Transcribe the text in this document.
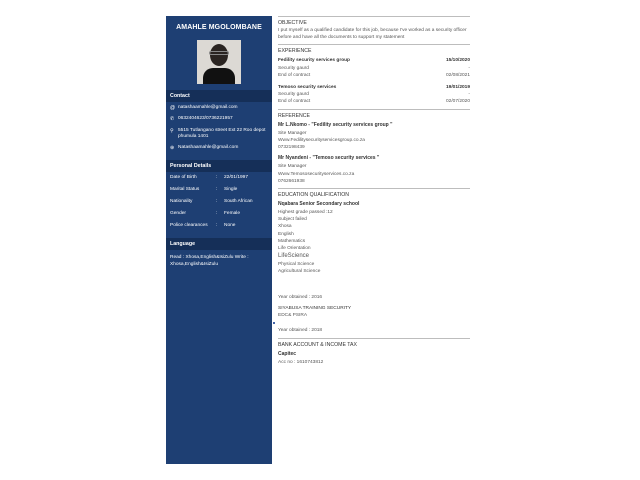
AMAHLE MGOLOMBANE
Contact
@ natashaamahle@gmail.com
✆ 0632404623/0736221957
⚲ 5515 Tutlangano street Ext 22 Roo depot phumula 1401
⊕ Natashaamahle@gmail.com
Personal Details
Date of Birth	:	22/01/1997
Marital Status	:	Single
Nationality	:	South African
Gender	:	Female
Police clearances	:	None
Language
Read : Xhosa,English&IsiZulu Write : Xhosa,English&IsiZulu
OBJECTIVE
I put myself as a qualified candidate for this job, because I've worked as a security officer before and have all the documents to support my statement
EXPERIENCE
Fedility security services group	15/10/2020
Security gaurd	-
End of contract	02/08/2021
Temoso security services	19/01/2019
Security gaurd	-
End of contract	02/07/2020
REFERENCE
Mr L.Nkomo - "Fedility security services group "
Site Manager
Www.Fedilitysecurityservicesgroup.co.za
0732198439
Mr Nyandeni - "Temoso security services "
Site Manager
Www.Temososecurityservices.co.za
0762661938
EDUCATION QUALIFICATION
Nqabara Senior Secondary school
Highest grade passed :12
Subject failed
Xhosa
English
Mathematics
Life Orientation
LifeScience
Physical Science
Agricultural Science
Year obtained : 2016
SIYABUSA TRAINING SECURITY
EDC& PSIRA
Year obtained : 2018
BANK ACCOUNT & INCOME TAX
Capitec
Acc no : 1610743812
